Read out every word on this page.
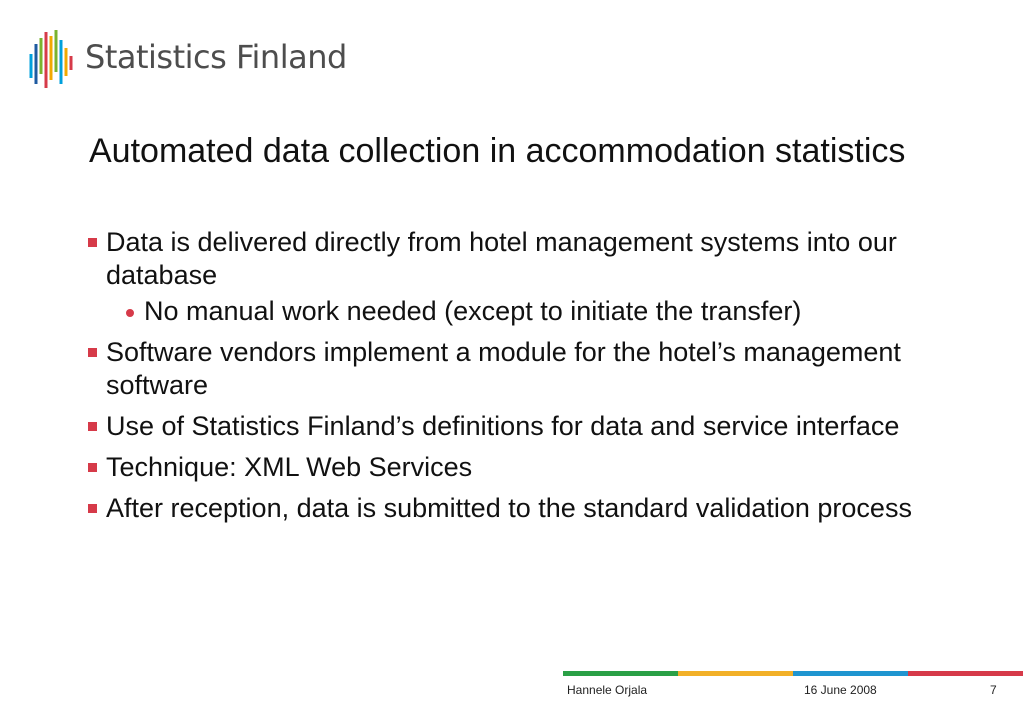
Statistics Finland
Automated data collection in accommodation statistics
Data is delivered directly from hotel management systems into our database
No manual work needed (except to initiate the transfer)
Software vendors implement a module for the hotel’s management software
Use of Statistics Finland’s definitions for data and service interface
Technique: XML Web Services
After reception, data is submitted to the standard validation process
Hannele Orjala	16 June 2008	7
